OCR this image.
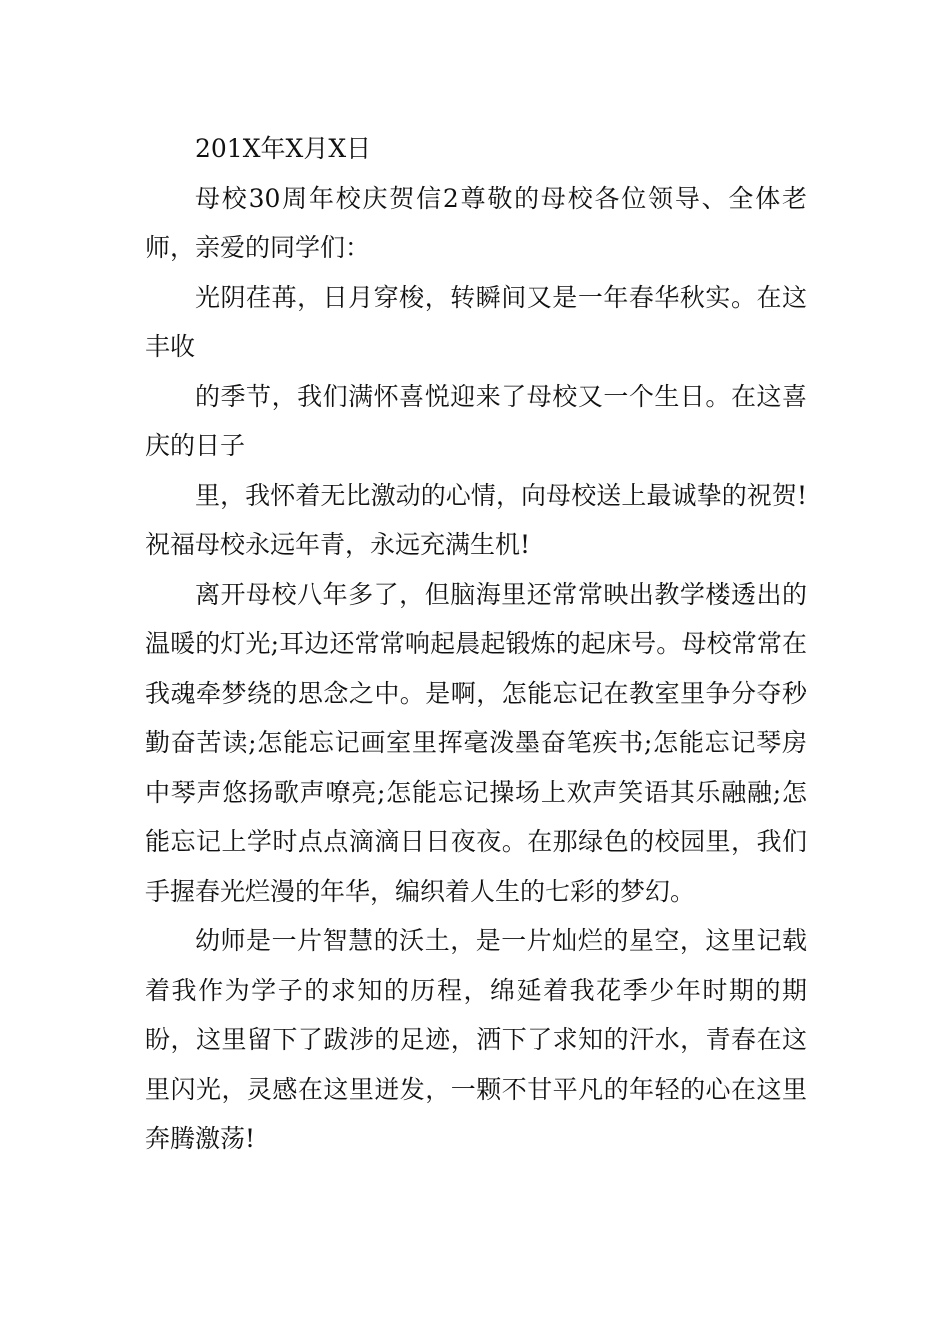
201X年X月X日

母校30周年校庆贺信2尊敬的母校各位领导、全体老师，亲爱的同学们：

光阴荏苒，日月穿梭，转瞬间又是一年春华秋实。在这丰收

的季节，我们满怀喜悦迎来了母校又一个生日。在这喜庆的日子

里，我怀着无比激动的心情，向母校送上最诚挚的祝贺!祝福母校永远年青，永远充满生机!

离开母校八年多了，但脑海里还常常映出教学楼透出的温暖的灯光;耳边还常常响起晨起锻炼的起床号。母校常常在我魂牵梦绕的思念之中。是啊，怎能忘记在教室里争分夺秒勤奋苦读;怎能忘记画室里挥毫泼墨奋笔疾书;怎能忘记琴房中琴声悠扬歌声嘹亮;怎能忘记操场上欢声笑语其乐融融;怎能忘记上学时点点滴滴日日夜夜。在那绿色的校园里，我们手握春光烂漫的年华，编织着人生的七彩的梦幻。

幼师是一片智慧的沃土，是一片灿烂的星空，这里记载着我作为学子的求知的历程，绵延着我花季少年时期的期盼，这里留下了跋涉的足迹，洒下了求知的汗水，青春在这里闪光，灵感在这里迸发，一颗不甘平凡的年轻的心在这里奔腾激荡!
